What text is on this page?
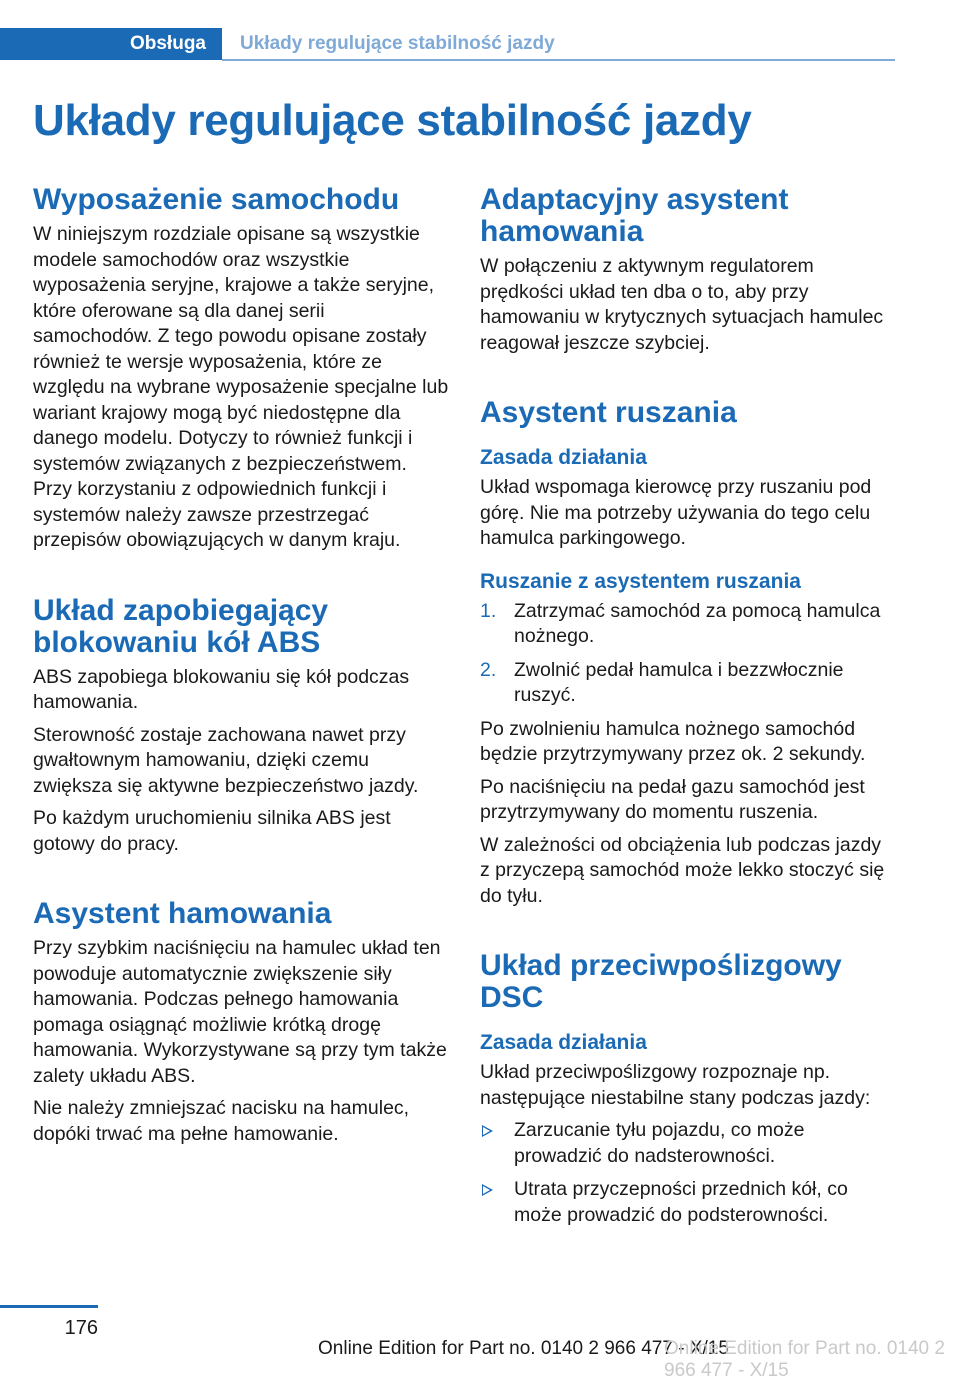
Obsługa	Układy regulujące stabilność jazdy
Układy regulujące stabilność jazdy
Wyposażenie samochodu

W niniejszym rozdziale opisane są wszystkie modele samochodów oraz wszystkie wyposażenia seryjne, krajowe a także seryjne, które oferowane są dla danej serii samochodów. Z tego powodu opisane zostały również te wersje wyposażenia, które ze względu na wybrane wyposażenie specjalne lub wariant krajowy mogą być niedostępne dla danego modelu. Dotyczy to również funkcji i systemów związanych z bezpieczeństwem. Przy korzystaniu z odpowiednich funkcji i systemów należy zawsze przestrzegać przepisów obowiązujących w danym kraju.

Układ zapobiegający blokowaniu kół ABS

ABS zapobiega blokowaniu się kół podczas hamowania.

Sterowność zostaje zachowana nawet przy gwałtownym hamowaniu, dzięki czemu zwiększa się aktywne bezpieczeństwo jazdy.

Po każdym uruchomieniu silnika ABS jest gotowy do pracy.

Asystent hamowania

Przy szybkim naciśnięciu na hamulec układ ten powoduje automatycznie zwiększenie siły hamowania. Podczas pełnego hamowania pomaga osiągnąć możliwie krótką drogę hamowania. Wykorzystywane są przy tym także zalety układu ABS.

Nie należy zmniejszać nacisku na hamulec, dopóki trwać ma pełne hamowanie.

Adaptacyjny asystent hamowania

W połączeniu z aktywnym regulatorem prędkości układ ten dba o to, aby przy hamowaniu w krytycznych sytuacjach hamulec reagował jeszcze szybciej.

Asystent ruszania
Zasada działania

Układ wspomaga kierowcę przy ruszaniu pod górę. Nie ma potrzeby używania do tego celu hamulca parkingowego.

Ruszanie z asystentem ruszania
1. Zatrzymać samochód za pomocą hamulca nożnego.
2. Zwolnić pedał hamulca i bezzwłocznie ruszyć.

Po zwolnieniu hamulca nożnego samochód będzie przytrzymywany przez ok. 2 sekundy.

Po naciśnięciu na pedał gazu samochód jest przytrzymywany do momentu ruszenia.

W zależności od obciążenia lub podczas jazdy z przyczepą samochód może lekko stoczyć się do tyłu.

Układ przeciwpoślizgowy DSC
Zasada działania

Układ przeciwpoślizgowy rozpoznaje np. następujące niestabilne stany podczas jazdy:

Zarzucanie tyłu pojazdu, co może prowadzić do nadsterowności.
Utrata przyczepności przednich kół, co może prowadzić do podsterowności.
176
Online Edition for Part no. 0140 2 966 477 - X/15
Online Edition for Part no. 0140 2 966 477 - X/15
